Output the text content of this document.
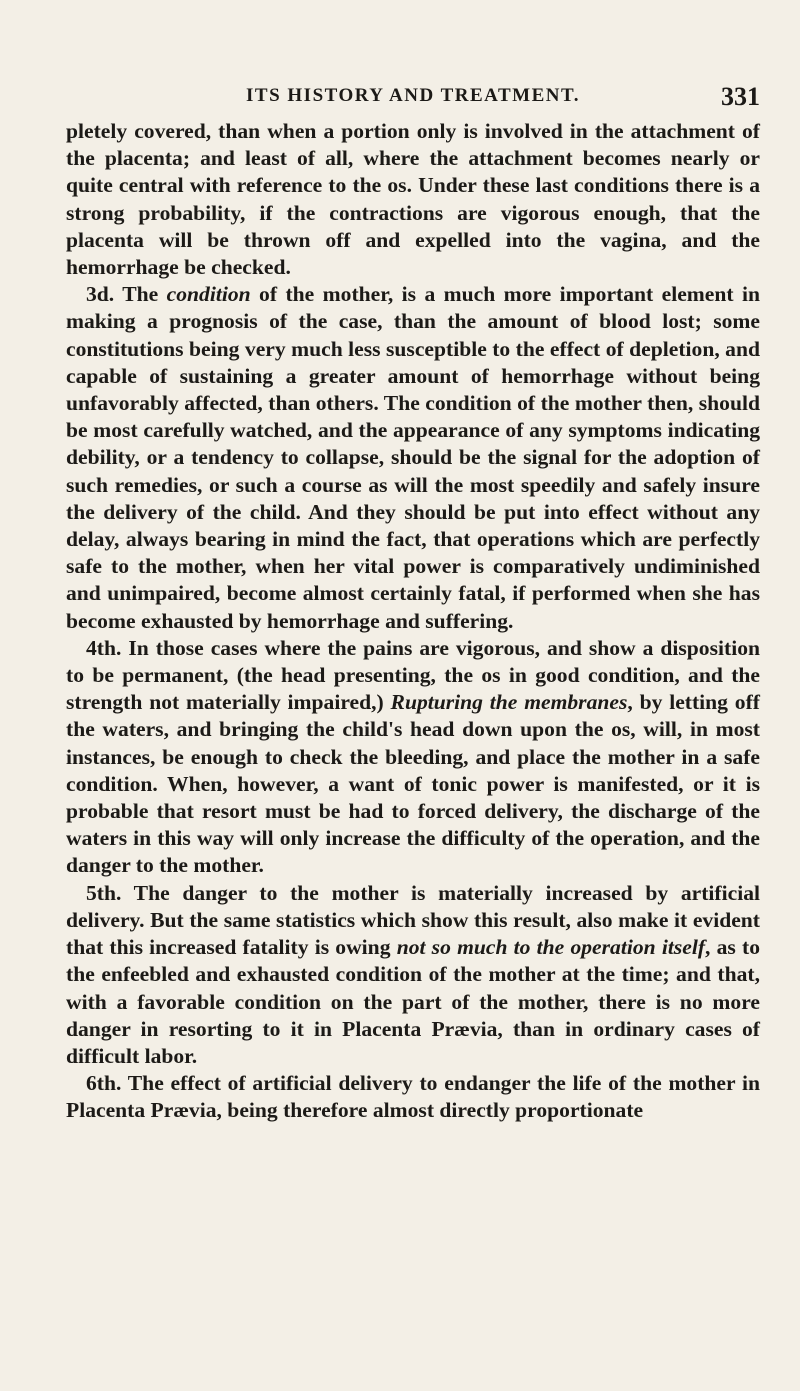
ITS HISTORY AND TREATMENT.	331

pletely covered, than when a portion only is involved in the attachment of the placenta; and least of all, where the attachment becomes nearly or quite central with reference to the os. Under these last conditions there is a strong probability, if the contractions are vigorous enough, that the placenta will be thrown off and expelled into the vagina, and the hemorrhage be checked.

3d. The condition of the mother, is a much more important element in making a prognosis of the case, than the amount of blood lost; some constitutions being very much less susceptible to the effect of depletion, and capable of sustaining a greater amount of hemorrhage without being unfavorably affected, than others. The condition of the mother then, should be most carefully watched, and the appearance of any symptoms indicating debility, or a tendency to collapse, should be the signal for the adoption of such remedies, or such a course as will the most speedily and safely insure the delivery of the child. And they should be put into effect without any delay, always bearing in mind the fact, that operations which are perfectly safe to the mother, when her vital power is comparatively undiminished and unimpaired, become almost certainly fatal, if performed when she has become exhausted by hemorrhage and suffering.

4th. In those cases where the pains are vigorous, and show a disposition to be permanent, (the head presenting, the os in good condition, and the strength not materially impaired,) Rupturing the membranes, by letting off the waters, and bringing the child's head down upon the os, will, in most instances, be enough to check the bleeding, and place the mother in a safe condition. When, however, a want of tonic power is manifested, or it is probable that resort must be had to forced delivery, the discharge of the waters in this way will only increase the difficulty of the operation, and the danger to the mother.

5th. The danger to the mother is materially increased by artificial delivery. But the same statistics which show this result, also make it evident that this increased fatality is owing not so much to the operation itself, as to the enfeebled and exhausted condition of the mother at the time; and that, with a favorable condition on the part of the mother, there is no more danger in resorting to it in Placenta Prævia, than in ordinary cases of difficult labor.

6th. The effect of artificial delivery to endanger the life of the mother in Placenta Prævia, being therefore almost directly proportionate
